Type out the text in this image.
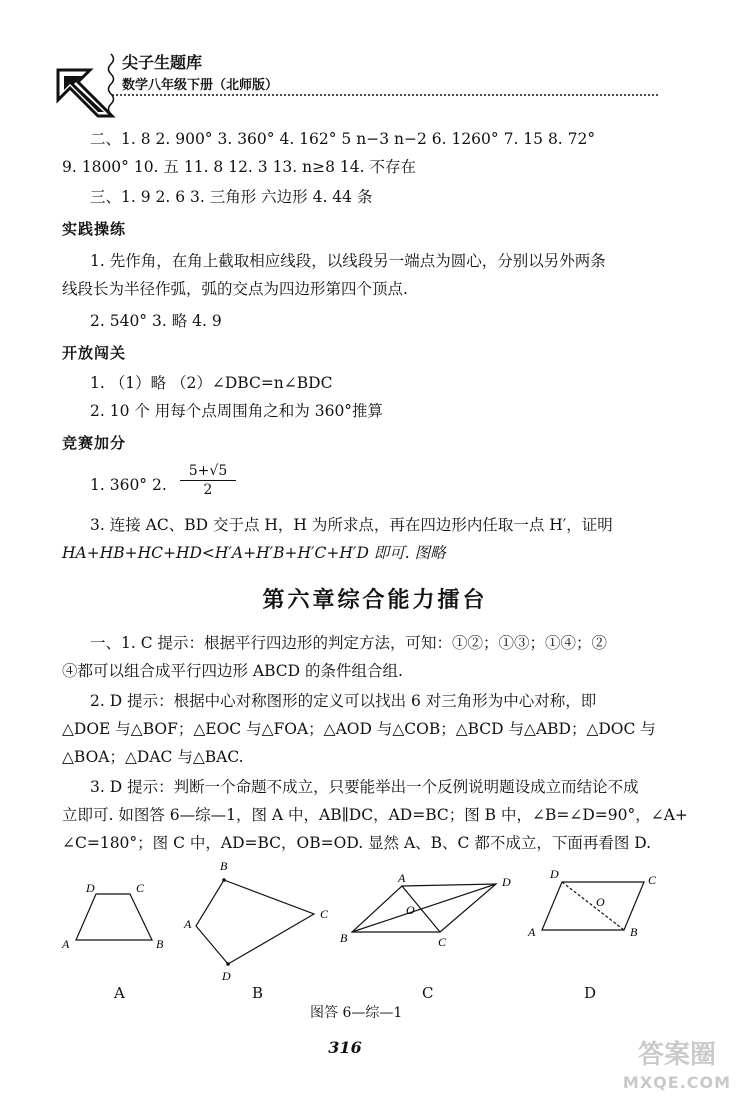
尖子生题库
数学八年级下册（北师版）
二、1. 8 2. 900° 3. 360° 4. 162° 5 n−3 n−2 6. 1260° 7. 15 8. 72°
9. 1800° 10. 五 11. 8 12. 3 13. n≥8 14. 不存在
三、1. 9 2. 6 3. 三角形 六边形 4. 44 条
实践操练
1. 先作角，在角上截取相应线段，以线段另一端点为圆心，分别以另外两条
线段长为半径作弧，弧的交点为四边形第四个顶点.
2. 540° 3. 略 4. 9
开放闯关
1. （1）略 （2）∠DBC=n∠BDC
2. 10 个 用每个点周围角之和为 360°推算
竞赛加分
1. 360° 2. $\frac{5+√5}{2}$
3. 连接 AC、BD 交于点 H，H 为所求点，再在四边形内任取一点 H′，证明
HA+HB+HC+HD<H′A+H′B+H′C+H′D 即可. 图略
第六章综合能力擂台
一、1. C 提示：根据平行四边形的判定方法，可知：①②；①③；①④；②
④都可以组合成平行四边形 ABCD 的条件组合组.
2. D 提示：根据中心对称图形的定义可以找出 6 对三角形为中心对称，即
△DOE 与△BOF；△EOC 与△FOA；△AOD 与△COB；△BCD 与△ABD；△DOC 与
△BOA；△DAC 与△BAC.
3. D 提示：判断一个命题不成立，只要能举出一个反例说明题设成立而结论不成
立即可. 如图答 6—综—1，图 A 中，AB∥DC，AD=BC；图 B 中，∠B=∠D=90°，∠A+
∠C=180°；图 C 中，AD=BC，OB=OD. 显然 A、B、C 都不成立，下面再看图 D.
D	C
A	B
B
A
C
D
A	D
O
B	C
D	C
O
A	B
A	B	C	D
图答 6—综—1
316	答案圈
MXQE.COM
